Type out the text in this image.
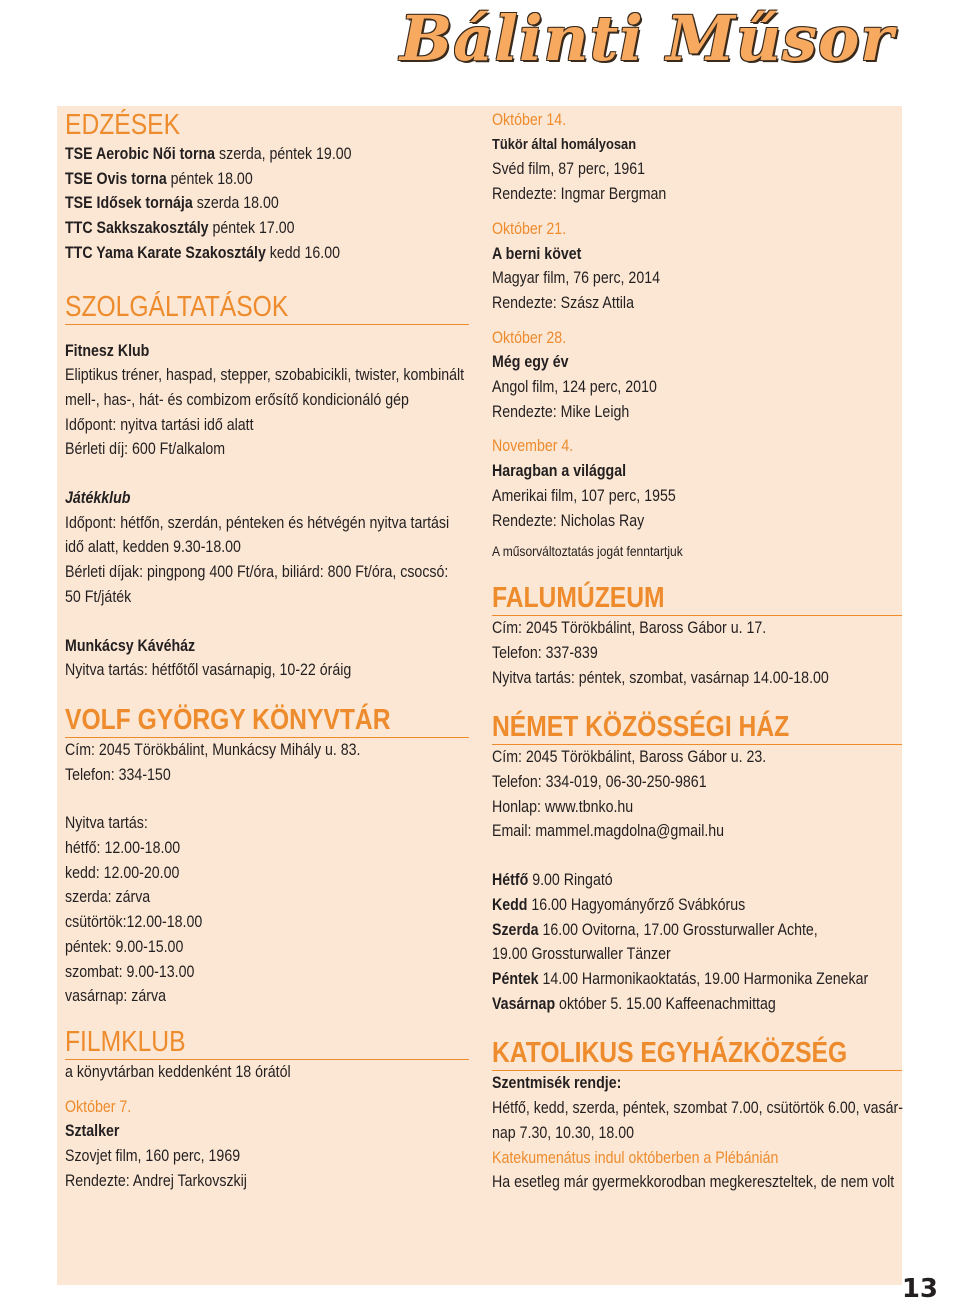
Bálinti Műsor
EDZÉSEK
TSE Aerobic Női torna szerda, péntek 19.00
TSE Ovis torna péntek 18.00
TSE Idősek tornája szerda 18.00
TTC Sakkszakosztály péntek 17.00
TTC Yama Karate Szakosztály kedd 16.00
SZOLGÁLTATÁSOK
Fitnesz Klub
Eliptikus tréner, haspad, stepper, szobabicikli, twister, kombinált mell-, has-, hát- és combizom erősítő kondicionáló gép
Időpont: nyitva tartási idő alatt
Bérleti díj: 600 Ft/alkalom
Játékklub
Időpont: hétfőn, szerdán, pénteken és hétvégén nyitva tartási idő alatt, kedden 9.30-18.00
Bérleti díjak: pingpong 400 Ft/óra, biliárd: 800 Ft/óra, csocsó: 50 Ft/játék
Munkácsy Kávéház
Nyitva tartás: hétfőtől vasárnapig, 10-22 óráig
VOLF GYÖRGY KÖNYVTÁR
Cím: 2045 Törökbálint, Munkácsy Mihály u. 83.
Telefon: 334-150
Nyitva tartás:
hétfő: 12.00-18.00
kedd: 12.00-20.00
szerda: zárva
csütörtök:12.00-18.00
péntek: 9.00-15.00
szombat: 9.00-13.00
vasárnap: zárva
FILMKLUB
a könyvtárban keddenként 18 órától
Október 7.
Sztalker
Szovjet film, 160 perc, 1969
Rendezte: Andrej Tarkovszkij
Október 14.
Tükör által homályosan
Svéd film, 87 perc, 1961
Rendezte: Ingmar Bergman
Október 21.
A berni követ
Magyar film, 76 perc, 2014
Rendezte: Szász Attila
Október 28.
Még egy év
Angol film, 124 perc, 2010
Rendezte: Mike Leigh
November 4.
Haragban a világgal
Amerikai film, 107 perc, 1955
Rendezte: Nicholas Ray
A műsorváltoztatás jogát fenntartjuk
FALUMÚZEUM
Cím: 2045 Törökbálint, Baross Gábor u. 17.
Telefon: 337-839
Nyitva tartás: péntek, szombat, vasárnap 14.00-18.00
NÉMET KÖZÖSSÉGI HÁZ
Cím: 2045 Törökbálint, Baross Gábor u. 23.
Telefon: 334-019, 06-30-250-9861
Honlap: www.tbnko.hu
Email: mammel.magdolna@gmail.hu
Hétfő 9.00 Ringató
Kedd 16.00 Hagyományőrző Svábkórus
Szerda 16.00 Ovitorna, 17.00 Grossturwaller Achte,
19.00 Grossturwaller Tänzer
Péntek 14.00 Harmonikaoktatás, 19.00 Harmonika Zenekar
Vasárnap október 5. 15.00 Kaffeenachmittag
KATOLIKUS EGYHÁZKÖZSÉG
Szentmisék rendje:
Hétfő, kedd, szerda, péntek, szombat 7.00, csütörtök 6.00, vasár-
nap 7.30, 10.30, 18.00
Katekumenátus indul októberben a Plébánián
Ha esetleg már gyermekkorodban megkereszteltek, de nem volt
13
